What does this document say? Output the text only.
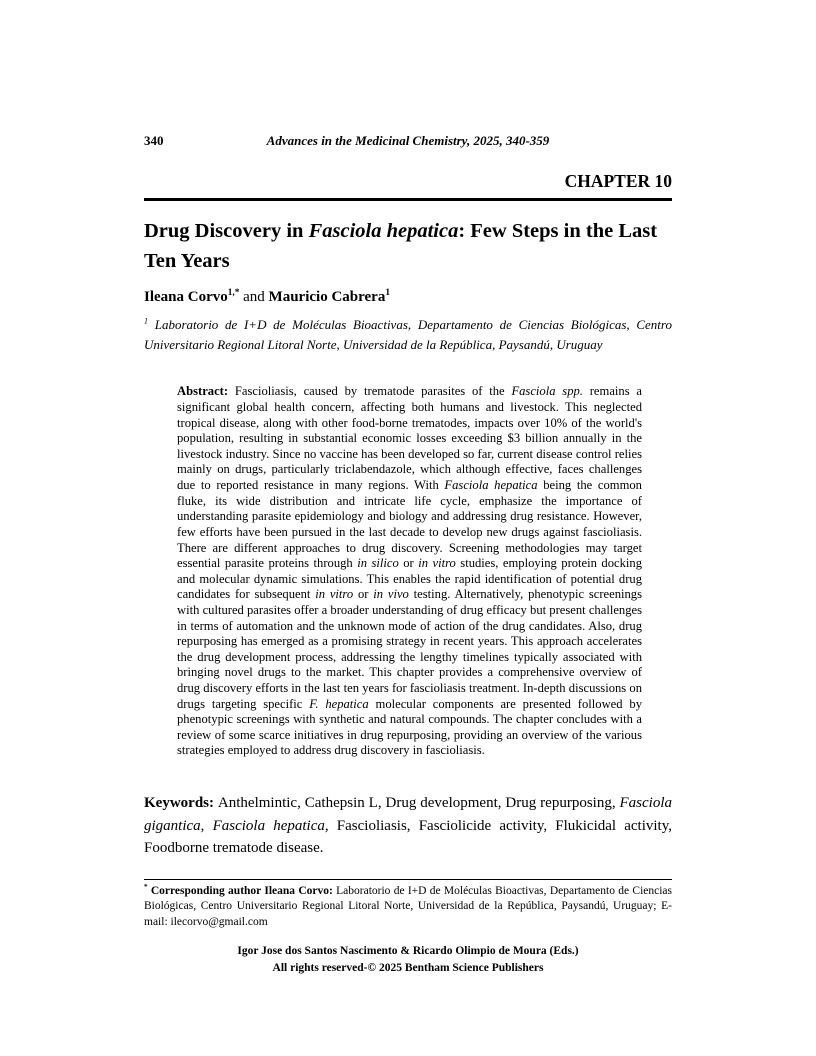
340	Advances in the Medicinal Chemistry, 2025, 340-359
CHAPTER 10
Drug Discovery in Fasciola hepatica: Few Steps in the Last Ten Years
Ileana Corvo$^{1,*}$ and Mauricio Cabrera$^1$
$^1$ Laboratorio de I+D de Moléculas Bioactivas, Departamento de Ciencias Biológicas, Centro Universitario Regional Litoral Norte, Universidad de la República, Paysandú, Uruguay
Abstract: Fascioliasis, caused by trematode parasites of the Fasciola spp. remains a significant global health concern, affecting both humans and livestock. This neglected tropical disease, along with other food-borne trematodes, impacts over 10% of the world's population, resulting in substantial economic losses exceeding $3 billion annually in the livestock industry. Since no vaccine has been developed so far, current disease control relies mainly on drugs, particularly triclabendazole, which although effective, faces challenges due to reported resistance in many regions. With Fasciola hepatica being the common fluke, its wide distribution and intricate life cycle, emphasize the importance of understanding parasite epidemiology and biology and addressing drug resistance. However, few efforts have been pursued in the last decade to develop new drugs against fascioliasis. There are different approaches to drug discovery. Screening methodologies may target essential parasite proteins through in silico or in vitro studies, employing protein docking and molecular dynamic simulations. This enables the rapid identification of potential drug candidates for subsequent in vitro or in vivo testing. Alternatively, phenotypic screenings with cultured parasites offer a broader understanding of drug efficacy but present challenges in terms of automation and the unknown mode of action of the drug candidates. Also, drug repurposing has emerged as a promising strategy in recent years. This approach accelerates the drug development process, addressing the lengthy timelines typically associated with bringing novel drugs to the market. This chapter provides a comprehensive overview of drug discovery efforts in the last ten years for fascioliasis treatment. In-depth discussions on drugs targeting specific F. hepatica molecular components are presented followed by phenotypic screenings with synthetic and natural compounds. The chapter concludes with a review of some scarce initiatives in drug repurposing, providing an overview of the various strategies employed to address drug discovery in fascioliasis.
Keywords: Anthelmintic, Cathepsin L, Drug development, Drug repurposing, Fasciola gigantica, Fasciola hepatica, Fascioliasis, Fasciolicide activity, Flukicidal activity, Foodborne trematode disease.
* Corresponding author Ileana Corvo: Laboratorio de I+D de Moléculas Bioactivas, Departamento de Ciencias Biológicas, Centro Universitario Regional Litoral Norte, Universidad de la República, Paysandú, Uruguay; E-mail: ilecorvo@gmail.com
Igor Jose dos Santos Nascimento & Ricardo Olimpio de Moura (Eds.)
All rights reserved-© 2025 Bentham Science Publishers
